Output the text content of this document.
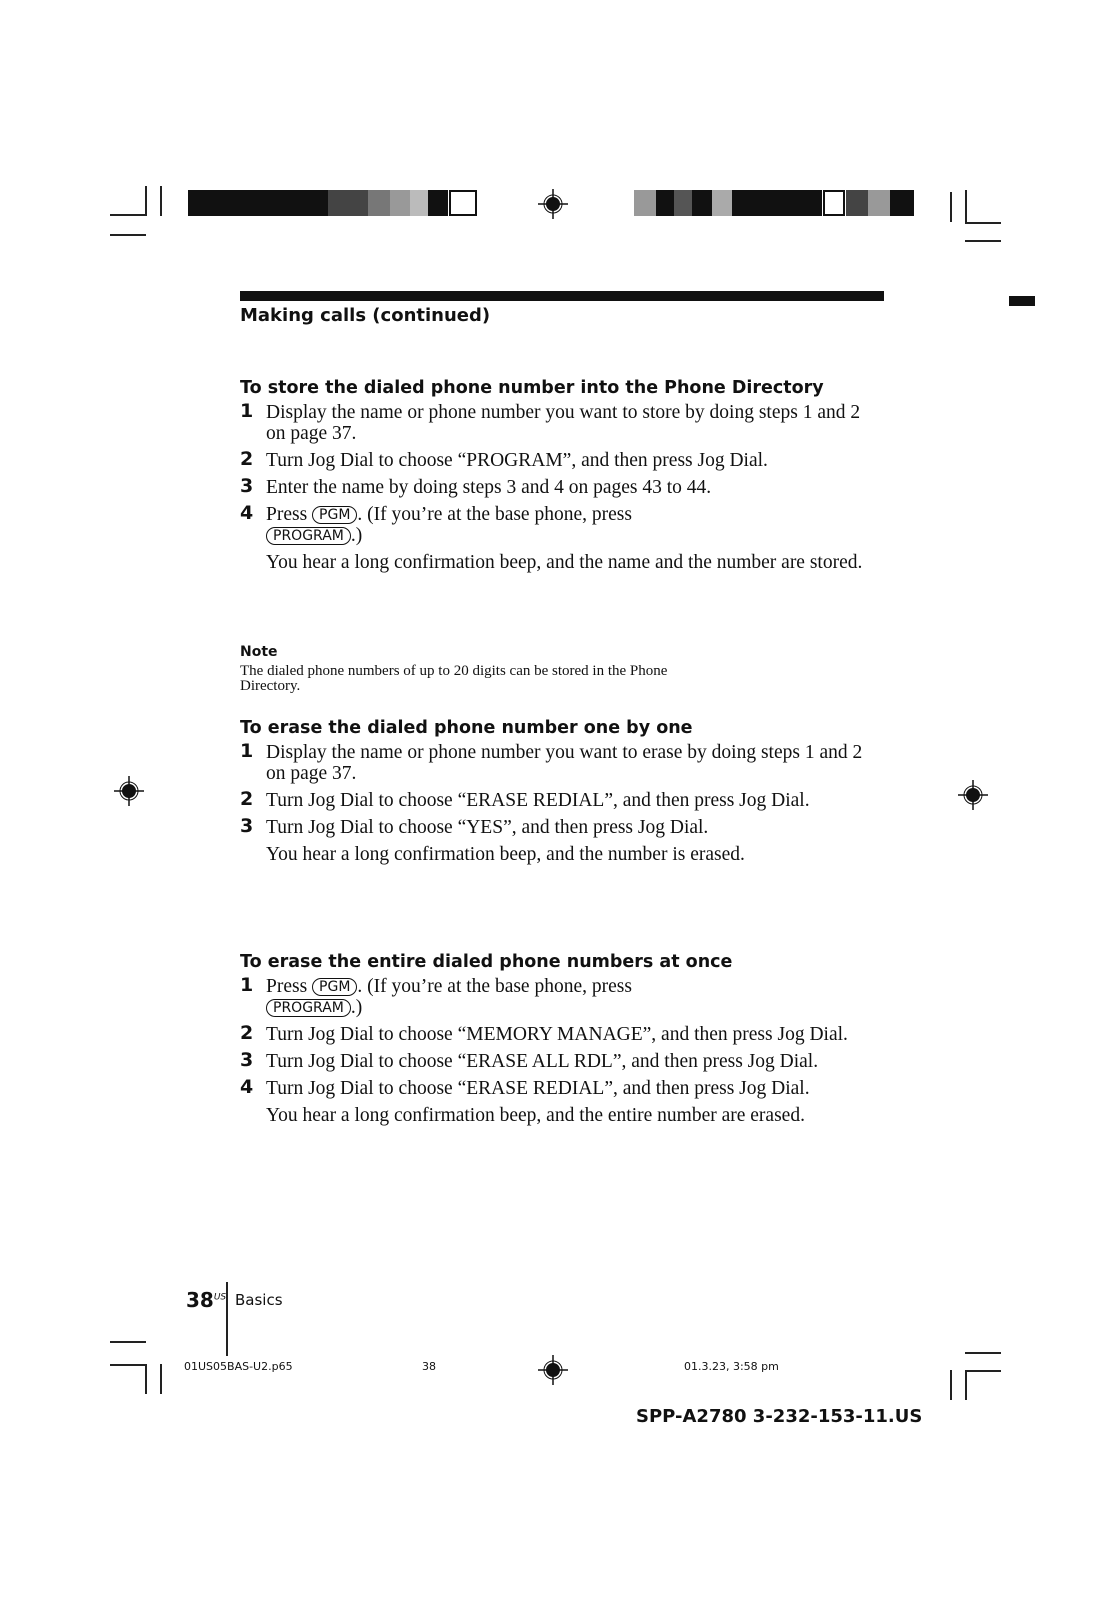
Making calls (continued)
To store the dialed phone number into the Phone Directory
1 Display the name or phone number you want to store by doing steps 1 and 2 on page 37.
2 Turn Jog Dial to choose “PROGRAM”, and then press Jog Dial.
3 Enter the name by doing steps 3 and 4 on pages 43 to 44.
4 Press PGM . (If you’re at the base phone, press
PROGRAM .)
You hear a long confirmation beep, and the name and the number are stored.
Note
The dialed phone numbers of up to 20 digits can be stored in the Phone Directory.
To erase the dialed phone number one by one
1 Display the name or phone number you want to erase by doing steps 1 and 2 on page 37.
2 Turn Jog Dial to choose “ERASE REDIAL”, and then press Jog Dial.
3 Turn Jog Dial to choose “YES”, and then press Jog Dial.
You hear a long confirmation beep, and the number is erased.
To erase the entire dialed phone numbers at once
1 Press PGM . (If you’re at the base phone, press
PROGRAM .)
2 Turn Jog Dial to choose “MEMORY MANAGE”, and then press Jog Dial.
3 Turn Jog Dial to choose “ERASE ALL RDL”, and then press Jog Dial.
4 Turn Jog Dial to choose “ERASE REDIAL”, and then press Jog Dial.
You hear a long confirmation beep, and the entire number are erased.
$38^{US}$ Basics
01US05BAS-U2.p65	38	01.3.23, 3:58 pm
SPP-A2780 3-232-153-11.US
